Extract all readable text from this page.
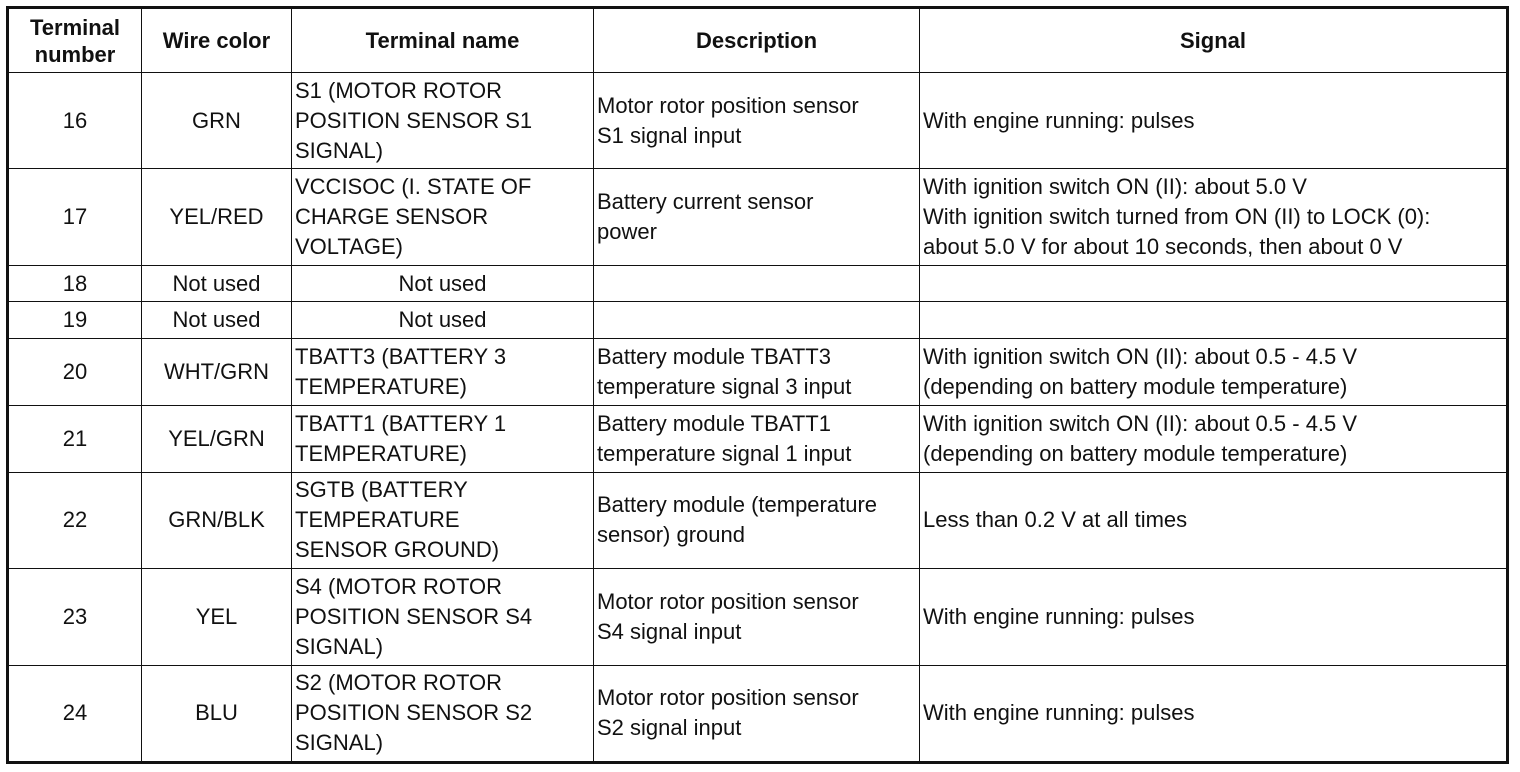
Terminal number	Wire color	Terminal name	Description	Signal
16	GRN	S1 (MOTOR ROTOR
POSITION SENSOR S1
SIGNAL)	Motor rotor position sensor
S1 signal input	With engine running: pulses
17	YEL/RED	VCCISOC (I. STATE OF
CHARGE SENSOR
VOLTAGE)	Battery current sensor
power	With ignition switch ON (II): about 5.0 V
With ignition switch turned from ON (II) to LOCK (0):
about 5.0 V for about 10 seconds, then about 0 V
18	Not used	Not used		
19	Not used	Not used		
20	WHT/GRN	TBATT3 (BATTERY 3
TEMPERATURE)	Battery module TBATT3
temperature signal 3 input	With ignition switch ON (II): about 0.5 - 4.5 V
(depending on battery module temperature)
21	YEL/GRN	TBATT1 (BATTERY 1
TEMPERATURE)	Battery module TBATT1
temperature signal 1 input	With ignition switch ON (II): about 0.5 - 4.5 V
(depending on battery module temperature)
22	GRN/BLK	SGTB (BATTERY
TEMPERATURE
SENSOR GROUND)	Battery module (temperature
sensor) ground	Less than 0.2 V at all times
23	YEL	S4 (MOTOR ROTOR
POSITION SENSOR S4
SIGNAL)	Motor rotor position sensor
S4 signal input	With engine running: pulses
24	BLU	S2 (MOTOR ROTOR
POSITION SENSOR S2
SIGNAL)	Motor rotor position sensor
S2 signal input	With engine running: pulses
